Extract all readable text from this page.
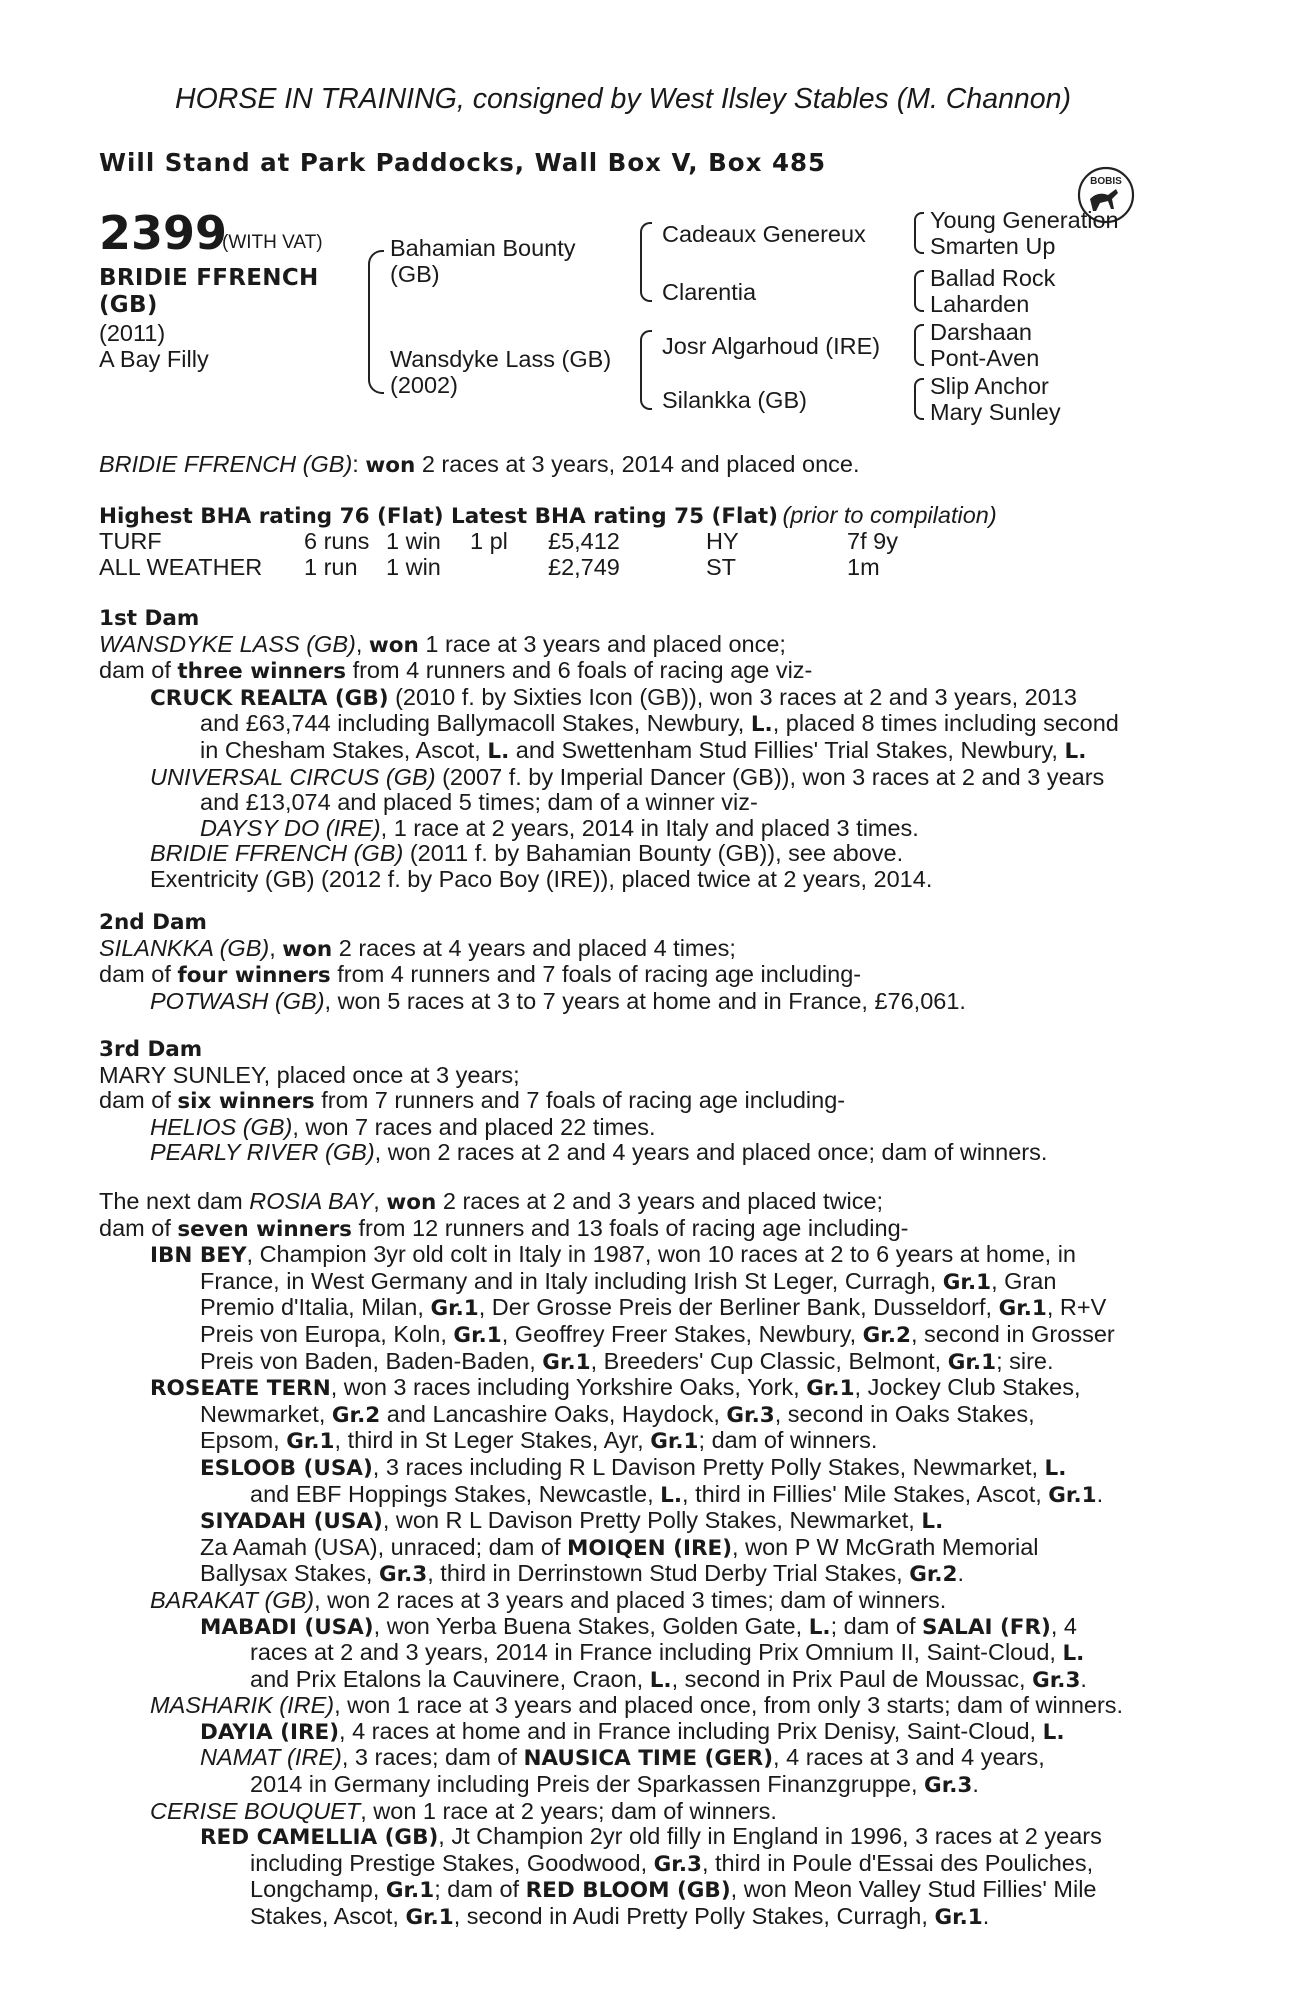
HORSE IN TRAINING, consigned by West Ilsley Stables (M. Channon)
Will Stand at Park Paddocks, Wall Box V, Box 485
BOBIS
2399
(WITH VAT)
BRIDIE FFRENCH
(GB)
(2011)
A Bay Filly
Bahamian Bounty
(GB)
Wansdyke Lass (GB)
(2002)
Cadeaux Genereux
Clarentia
Josr Algarhoud (IRE)
Silankka (GB)
Young Generation
Smarten Up
Ballad Rock
Laharden
Darshaan
Pont-Aven
Slip Anchor
Mary Sunley
BRIDIE FFRENCH (GB): won 2 races at 3 years, 2014 and placed once.
Highest BHA rating 76 (Flat) Latest BHA rating 75 (Flat) (prior to compilation)
TURF	6 runs 1 win 1 pl £5,412	HY	7f 9y
ALL WEATHER 1 run 1 win	£2,749	ST	1m
1st Dam
WANSDYKE LASS (GB), won 1 race at 3 years and placed once;
dam of three winners from 4 runners and 6 foals of racing age viz-
CRUCK REALTA (GB) (2010 f. by Sixties Icon (GB)), won 3 races at 2 and 3 years, 2013
and £63,744 including Ballymacoll Stakes, Newbury, L., placed 8 times including second
in Chesham Stakes, Ascot, L. and Swettenham Stud Fillies' Trial Stakes, Newbury, L.
UNIVERSAL CIRCUS (GB) (2007 f. by Imperial Dancer (GB)), won 3 races at 2 and 3 years
and £13,074 and placed 5 times; dam of a winner viz-
DAYSY DO (IRE), 1 race at 2 years, 2014 in Italy and placed 3 times.
BRIDIE FFRENCH (GB) (2011 f. by Bahamian Bounty (GB)), see above.
Exentricity (GB) (2012 f. by Paco Boy (IRE)), placed twice at 2 years, 2014.
2nd Dam
SILANKKA (GB), won 2 races at 4 years and placed 4 times;
dam of four winners from 4 runners and 7 foals of racing age including-
POTWASH (GB), won 5 races at 3 to 7 years at home and in France, £76,061.
3rd Dam
MARY SUNLEY, placed once at 3 years;
dam of six winners from 7 runners and 7 foals of racing age including-
HELIOS (GB), won 7 races and placed 22 times.
PEARLY RIVER (GB), won 2 races at 2 and 4 years and placed once; dam of winners.
The next dam ROSIA BAY, won 2 races at 2 and 3 years and placed twice;
dam of seven winners from 12 runners and 13 foals of racing age including-
IBN BEY, Champion 3yr old colt in Italy in 1987, won 10 races at 2 to 6 years at home, in
France, in West Germany and in Italy including Irish St Leger, Curragh, Gr.1, Gran
Premio d'Italia, Milan, Gr.1, Der Grosse Preis der Berliner Bank, Dusseldorf, Gr.1, R+V
Preis von Europa, Koln, Gr.1, Geoffrey Freer Stakes, Newbury, Gr.2, second in Grosser
Preis von Baden, Baden-Baden, Gr.1, Breeders' Cup Classic, Belmont, Gr.1; sire.
ROSEATE TERN, won 3 races including Yorkshire Oaks, York, Gr.1, Jockey Club Stakes,
Newmarket, Gr.2 and Lancashire Oaks, Haydock, Gr.3, second in Oaks Stakes,
Epsom, Gr.1, third in St Leger Stakes, Ayr, Gr.1; dam of winners.
ESLOOB (USA), 3 races including R L Davison Pretty Polly Stakes, Newmarket, L.
and EBF Hoppings Stakes, Newcastle, L., third in Fillies' Mile Stakes, Ascot, Gr.1.
SIYADAH (USA), won R L Davison Pretty Polly Stakes, Newmarket, L.
Za Aamah (USA), unraced; dam of MOIQEN (IRE), won P W McGrath Memorial
Ballysax Stakes, Gr.3, third in Derrinstown Stud Derby Trial Stakes, Gr.2.
BARAKAT (GB), won 2 races at 3 years and placed 3 times; dam of winners.
MABADI (USA), won Yerba Buena Stakes, Golden Gate, L.; dam of SALAI (FR), 4
races at 2 and 3 years, 2014 in France including Prix Omnium II, Saint-Cloud, L.
and Prix Etalons la Cauvinere, Craon, L., second in Prix Paul de Moussac, Gr.3.
MASHARIK (IRE), won 1 race at 3 years and placed once, from only 3 starts; dam of winners.
DAYIA (IRE), 4 races at home and in France including Prix Denisy, Saint-Cloud, L.
NAMAT (IRE), 3 races; dam of NAUSICA TIME (GER), 4 races at 3 and 4 years,
2014 in Germany including Preis der Sparkassen Finanzgruppe, Gr.3.
CERISE BOUQUET, won 1 race at 2 years; dam of winners.
RED CAMELLIA (GB), Jt Champion 2yr old filly in England in 1996, 3 races at 2 years
including Prestige Stakes, Goodwood, Gr.3, third in Poule d'Essai des Pouliches,
Longchamp, Gr.1; dam of RED BLOOM (GB), won Meon Valley Stud Fillies' Mile
Stakes, Ascot, Gr.1, second in Audi Pretty Polly Stakes, Curragh, Gr.1.
